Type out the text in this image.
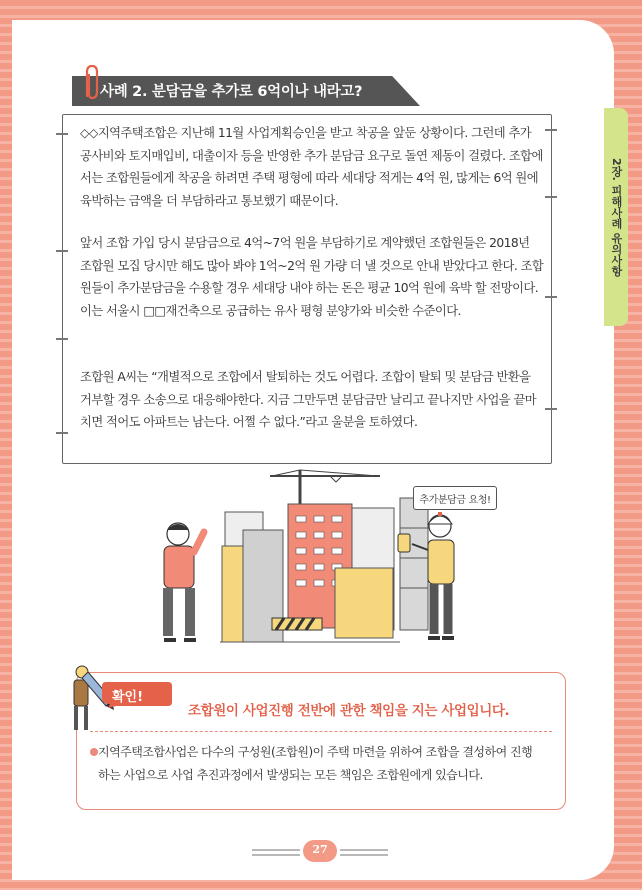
2장. 피해사례 유의사항
사례 2. 분담금을 추가로 6억이나 내라고?

◇◇지역주택조합은 지난해 11월 사업계획승인을 받고 착공을 앞둔 상황이다. 그런데 추가 공사비와 토지매입비, 대출이자 등을 반영한 추가 분담금 요구로 돌연 제동이 걸렸다. 조합에서는 조합원들에게 착공을 하려면 주택 평형에 따라 세대당 적게는 4억 원, 많게는 6억 원에 육박하는 금액을 더 부담하라고 통보했기 때문이다.

앞서 조합 가입 당시 분담금으로 4억~7억 원을 부담하기로 계약했던 조합원들은 2018년 조합원 모집 당시만 해도 많아 봐야 1억~2억 원 가량 더 낼 것으로 안내 받았다고 한다. 조합원들이 추가분담금을 수용할 경우 세대당 내야 하는 돈은 평균 10억 원에 육박 할 전망이다. 이는 서울시 □□재건축으로 공급하는 유사 평형 분양가와 비슷한 수준이다.

조합원 A씨는 “개별적으로 조합에서 탈퇴하는 것도 어렵다. 조합이 탈퇴 및 분담금 반환을 거부할 경우 소송으로 대응해야한다. 지금 그만두면 분담금만 날리고 끝나지만 사업을 끝마치면 적어도 아파트는 남는다. 어쩔 수 없다.”라고 울분을 토하였다.

추가분담금 요청!
확인!
조합원이 사업진행 전반에 관한 책임을 지는 사업입니다.

지역주택조합사업은 다수의 구성원(조합원)이 주택 마련을 위하여 조합을 결성하여 진행하는 사업으로 사업 추진과정에서 발생되는 모든 책임은 조합원에게 있습니다.

27
